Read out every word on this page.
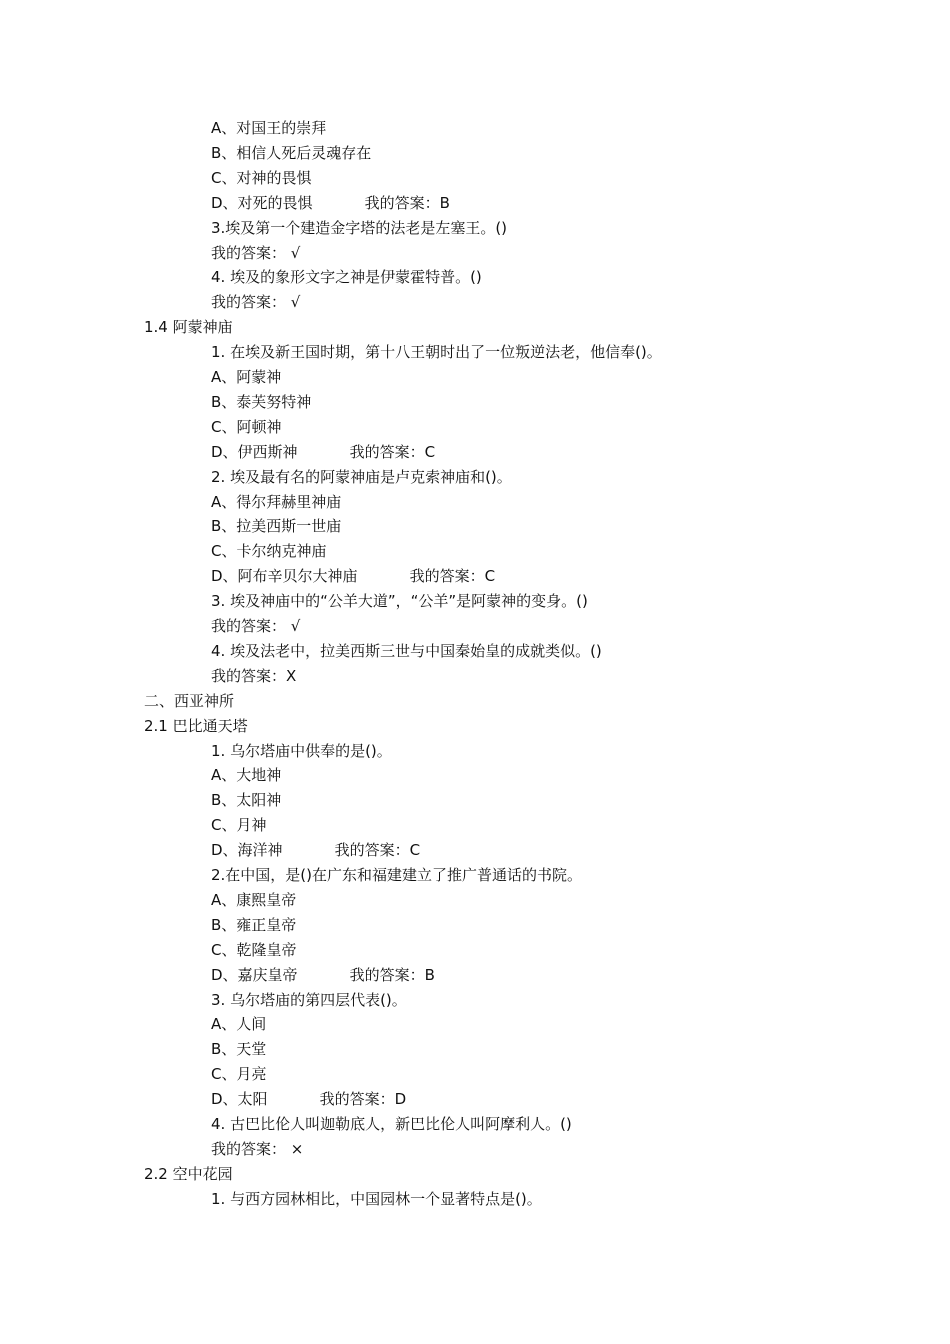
A、对国王的崇拜
B、相信人死后灵魂存在
C、对神的畏惧
D、对死的畏惧	我的答案：B
3.埃及第一个建造金字塔的法老是左塞王。()
我的答案： √
4. 埃及的象形文字之神是伊蒙霍特普。()
我的答案： √
1.4 阿蒙神庙
1. 在埃及新王国时期，第十八王朝时出了一位叛逆法老，他信奉()。
A、阿蒙神
B、泰芙努特神
C、阿顿神
D、伊西斯神	我的答案：C
2. 埃及最有名的阿蒙神庙是卢克索神庙和()。
A、得尔拜赫里神庙
B、拉美西斯一世庙
C、卡尔纳克神庙
D、阿布辛贝尔大神庙	我的答案：C
3. 埃及神庙中的“公羊大道”，“公羊”是阿蒙神的变身。()
我的答案： √
4. 埃及法老中，拉美西斯三世与中国秦始皇的成就类似。()
我的答案：X
二、西亚神所
2.1 巴比通天塔
1. 乌尔塔庙中供奉的是()。
A、大地神
B、太阳神
C、月神
D、海洋神	我的答案：C
2.在中国，是()在广东和福建建立了推广普通话的书院。
A、康熙皇帝
B、雍正皇帝
C、乾隆皇帝
D、嘉庆皇帝	我的答案：B
3. 乌尔塔庙的第四层代表()。
A、人间
B、天堂
C、月亮
D、太阳	我的答案：D
4. 古巴比伦人叫迦勒底人，新巴比伦人叫阿摩利人。()
我的答案： ×
2.2 空中花园
1. 与西方园林相比，中国园林一个显著特点是()。
